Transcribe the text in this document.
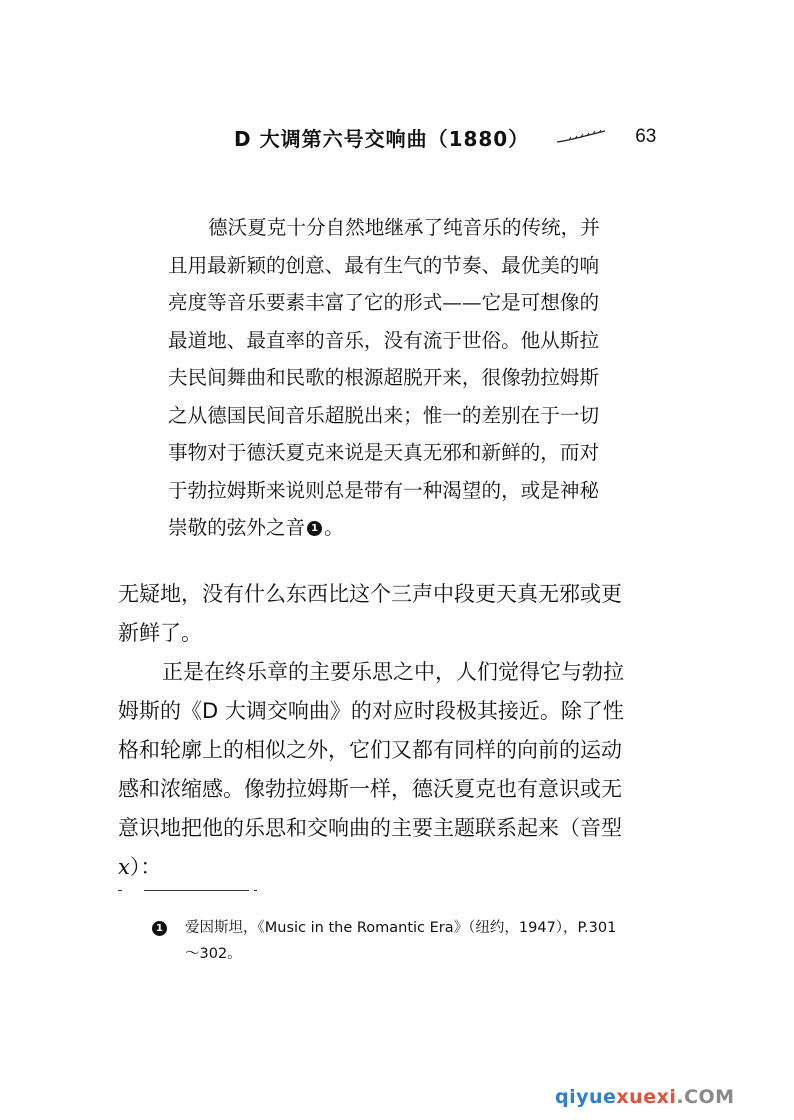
D 大调第六号交响曲（1880）	63

德沃夏克十分自然地继承了纯音乐的传统，并
且用最新颖的创意、最有生气的节奏、最优美的响
亮度等音乐要素丰富了它的形式——它是可想像的
最道地、最直率的音乐，没有流于世俗。他从斯拉
夫民间舞曲和民歌的根源超脱开来，很像勃拉姆斯
之从德国民间音乐超脱出来；惟一的差别在于一切
事物对于德沃夏克来说是天真无邪和新鲜的，而对
于勃拉姆斯来说则总是带有一种渴望的，或是神秘
崇敬的弦外之音 1 。

无疑地，没有什么东西比这个三声中段更天真无邪或更
新鲜了。
正是在终乐章的主要乐思之中，人们觉得它与勃拉
姆斯的《D 大调交响曲》的对应时段极其接近。除了性
格和轮廓上的相似之外，它们又都有同样的向前的运动
感和浓缩感。像勃拉姆斯一样，德沃夏克也有意识或无
意识地把他的乐思和交响曲的主要主题联系起来（音型
x）：
1 爱因斯坦，《Music in the Romantic Era》（纽约，1947），P.301
～302。
qiyuexuexi.COM
